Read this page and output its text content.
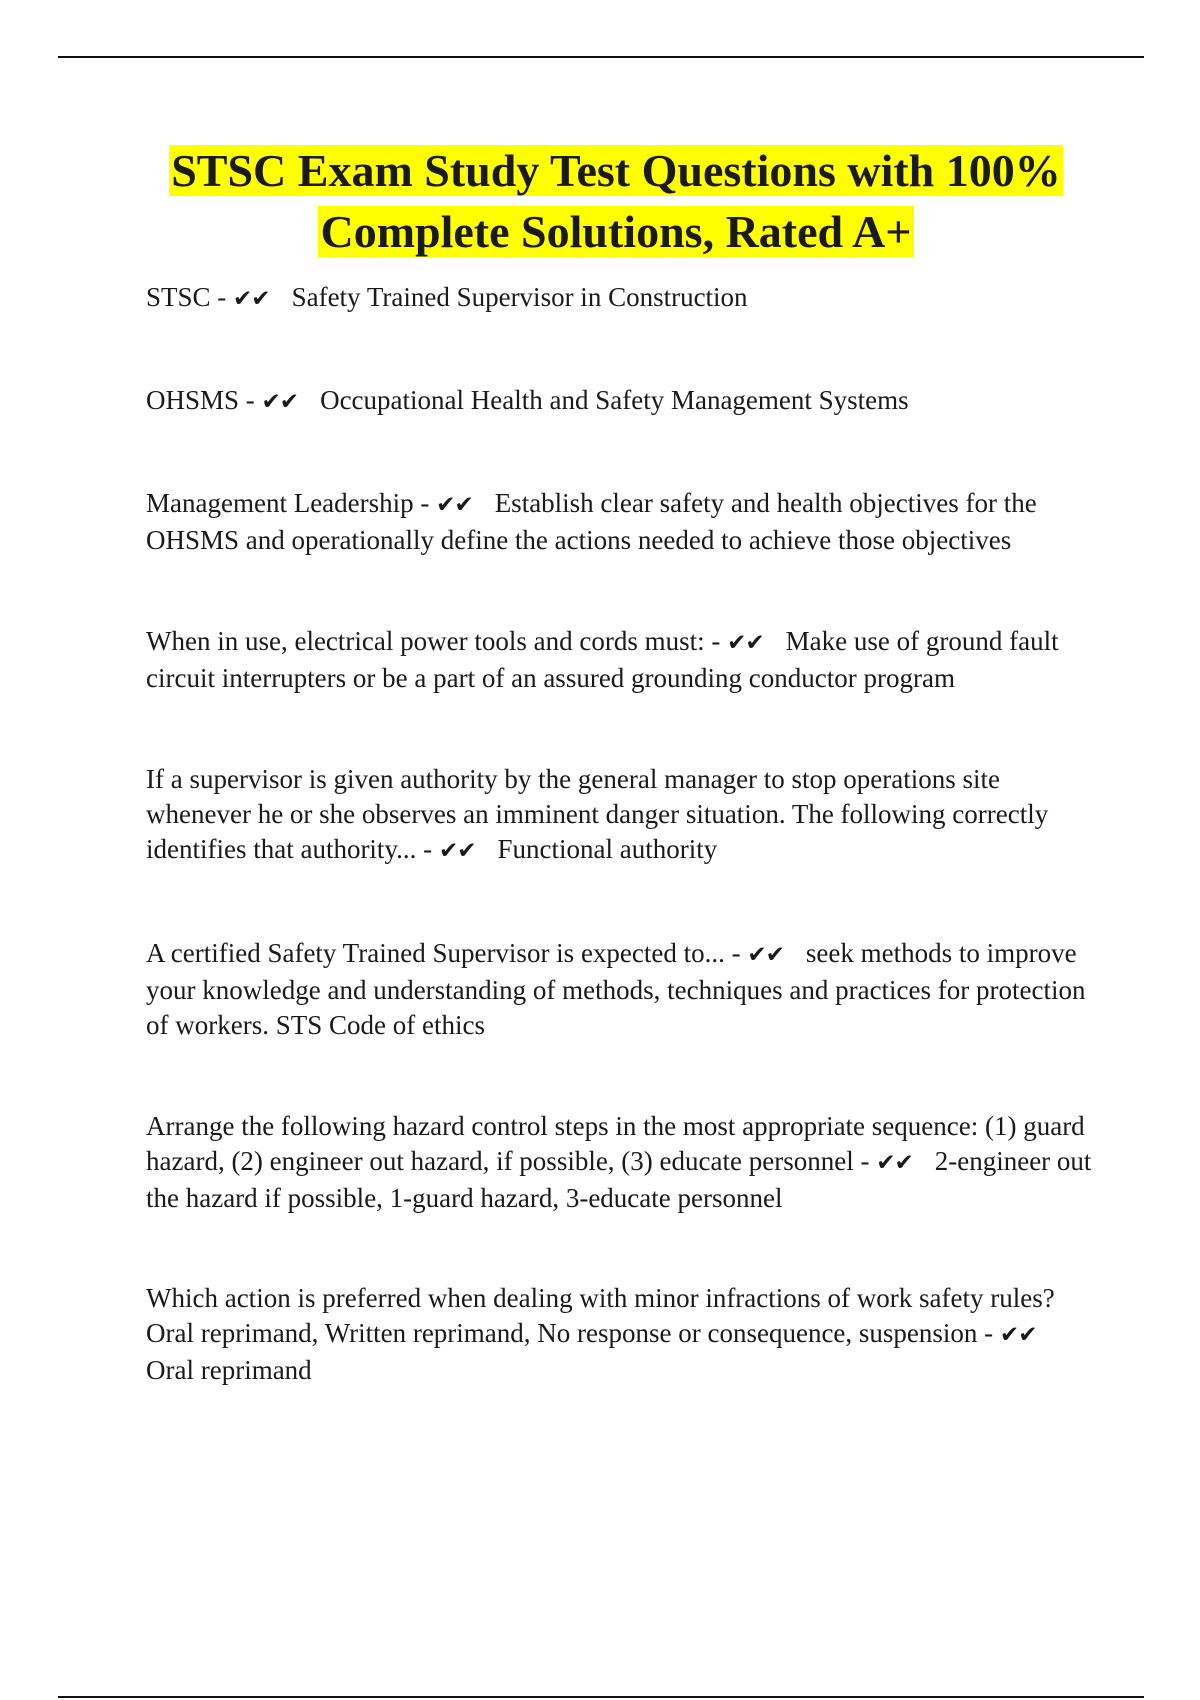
STSC Exam Study Test Questions with 100%
Complete Solutions, Rated A+

STSC - ✔✔ Safety Trained Supervisor in Construction

OHSMS - ✔✔ Occupational Health and Safety Management Systems

Management Leadership - ✔✔ Establish clear safety and health objectives for the OHSMS and operationally define the actions needed to achieve those objectives

When in use, electrical power tools and cords must: - ✔✔ Make use of ground fault circuit interrupters or be a part of an assured grounding conductor program

If a supervisor is given authority by the general manager to stop operations site whenever he or she observes an imminent danger situation. The following correctly identifies that authority... - ✔✔ Functional authority

A certified Safety Trained Supervisor is expected to... - ✔✔ seek methods to improve your knowledge and understanding of methods, techniques and practices for protection of workers. STS Code of ethics

Arrange the following hazard control steps in the most appropriate sequence: (1) guard hazard, (2) engineer out hazard, if possible, (3) educate personnel - ✔✔ 2-engineer out the hazard if possible, 1-guard hazard, 3-educate personnel

Which action is preferred when dealing with minor infractions of work safety rules? Oral reprimand, Written reprimand, No response or consequence, suspension - ✔✔Oral reprimand
